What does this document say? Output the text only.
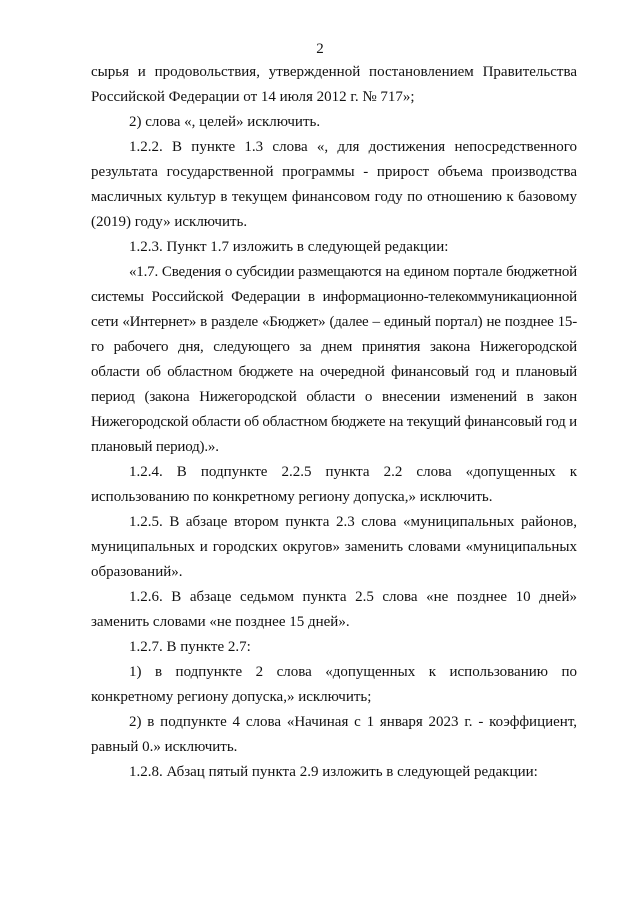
2

сырья и продовольствия, утвержденной постановлением Правительства Российской Федерации от 14 июля 2012 г. № 717»;

2) слова «, целей» исключить.

1.2.2. В пункте 1.3 слова «, для достижения непосредственного результата государственной программы - прирост объема производства масличных культур в текущем финансовом году по отношению к базовому (2019) году» исключить.

1.2.3. Пункт 1.7 изложить в следующей редакции:

«1.7. Сведения о субсидии размещаются на едином портале бюджетной системы Российской Федерации в информационно-телекоммуникационной сети «Интернет» в разделе «Бюджет» (далее – единый портал) не позднее 15-го рабочего дня, следующего за днем принятия закона Нижегородской области об областном бюджете на очередной финансовый год и плановый период (закона Нижегородской области о внесении изменений в закон Нижегородской области об областном бюджете на текущий финансовый год и плановый период).».

1.2.4. В подпункте 2.2.5 пункта 2.2 слова «допущенных к использованию по конкретному региону допуска,» исключить.

1.2.5. В абзаце втором пункта 2.3 слова «муниципальных районов, муниципальных и городских округов» заменить словами «муниципальных образований».

1.2.6. В абзаце седьмом пункта 2.5 слова «не позднее 10 дней» заменить словами «не позднее 15 дней».

1.2.7. В пункте 2.7:

1) в подпункте 2 слова «допущенных к использованию по конкретному региону допуска,» исключить;

2) в подпункте 4 слова «Начиная с 1 января 2023 г. - коэффициент, равный 0.» исключить.

1.2.8. Абзац пятый пункта 2.9 изложить в следующей редакции:
